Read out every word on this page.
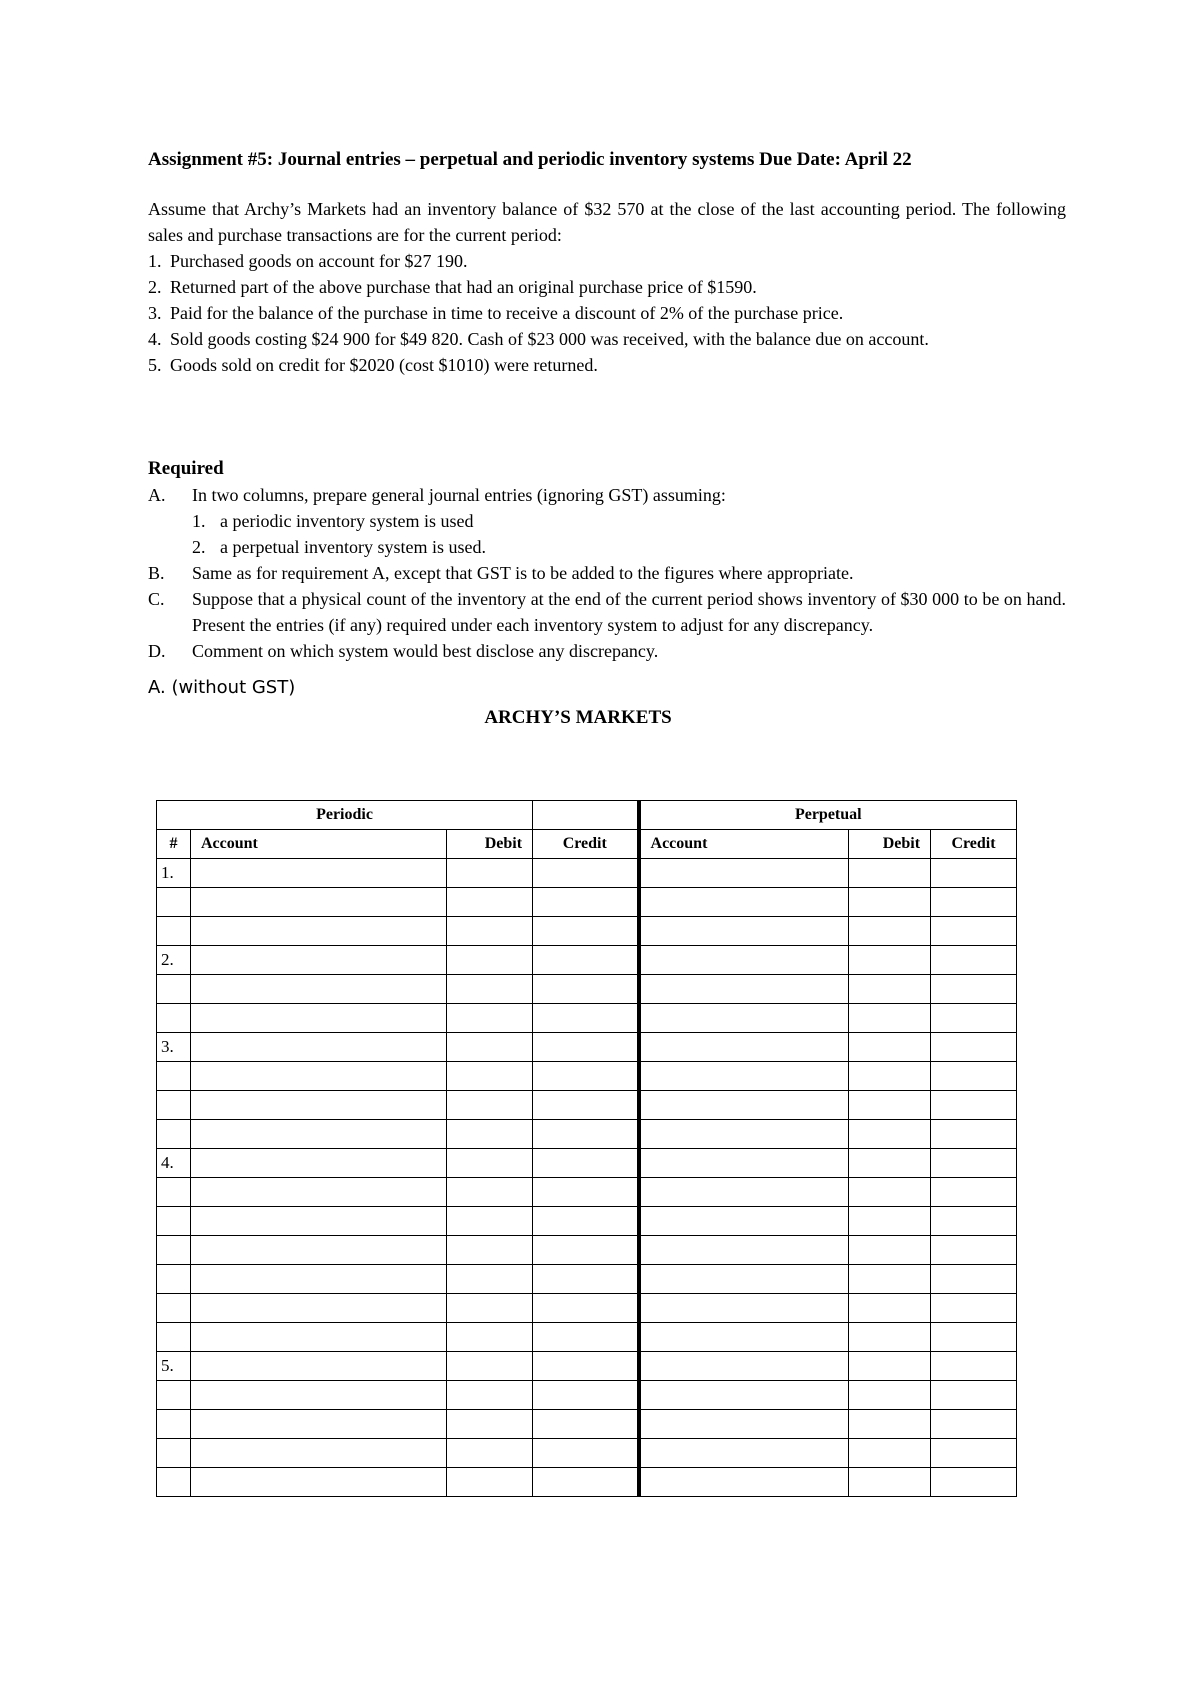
Assignment #5: Journal entries – perpetual and periodic inventory systems Due Date: April 22
Assume that Archy’s Markets had an inventory balance of $32 570 at the close of the last accounting period. The following sales and purchase transactions are for the current period:
1. Purchased goods on account for $27 190.
2. Returned part of the above purchase that had an original purchase price of $1590.
3. Paid for the balance of the purchase in time to receive a discount of 2% of the purchase price.
4. Sold goods costing $24 900 for $49 820. Cash of $23 000 was received, with the balance due on account.
5. Goods sold on credit for $2020 (cost $1010) were returned.
Required
A.	In two columns, prepare general journal entries (ignoring GST) assuming:
1. a periodic inventory system is used
2. a perpetual inventory system is used.
B.	Same as for requirement A, except that GST is to be added to the figures where appropriate.
C.	Suppose that a physical count of the inventory at the end of the current period shows inventory of $30 000 to be on hand. Present the entries (if any) required under each inventory system to adjust for any discrepancy.
D.	Comment on which system would best disclose any discrepancy.
A. (without GST)
ARCHY’S MARKETS
Periodic				Perpetual		
#	Account	Debit	Credit	Account	Debit	Credit
1.						

2.						

3.						

4.						

5.						
